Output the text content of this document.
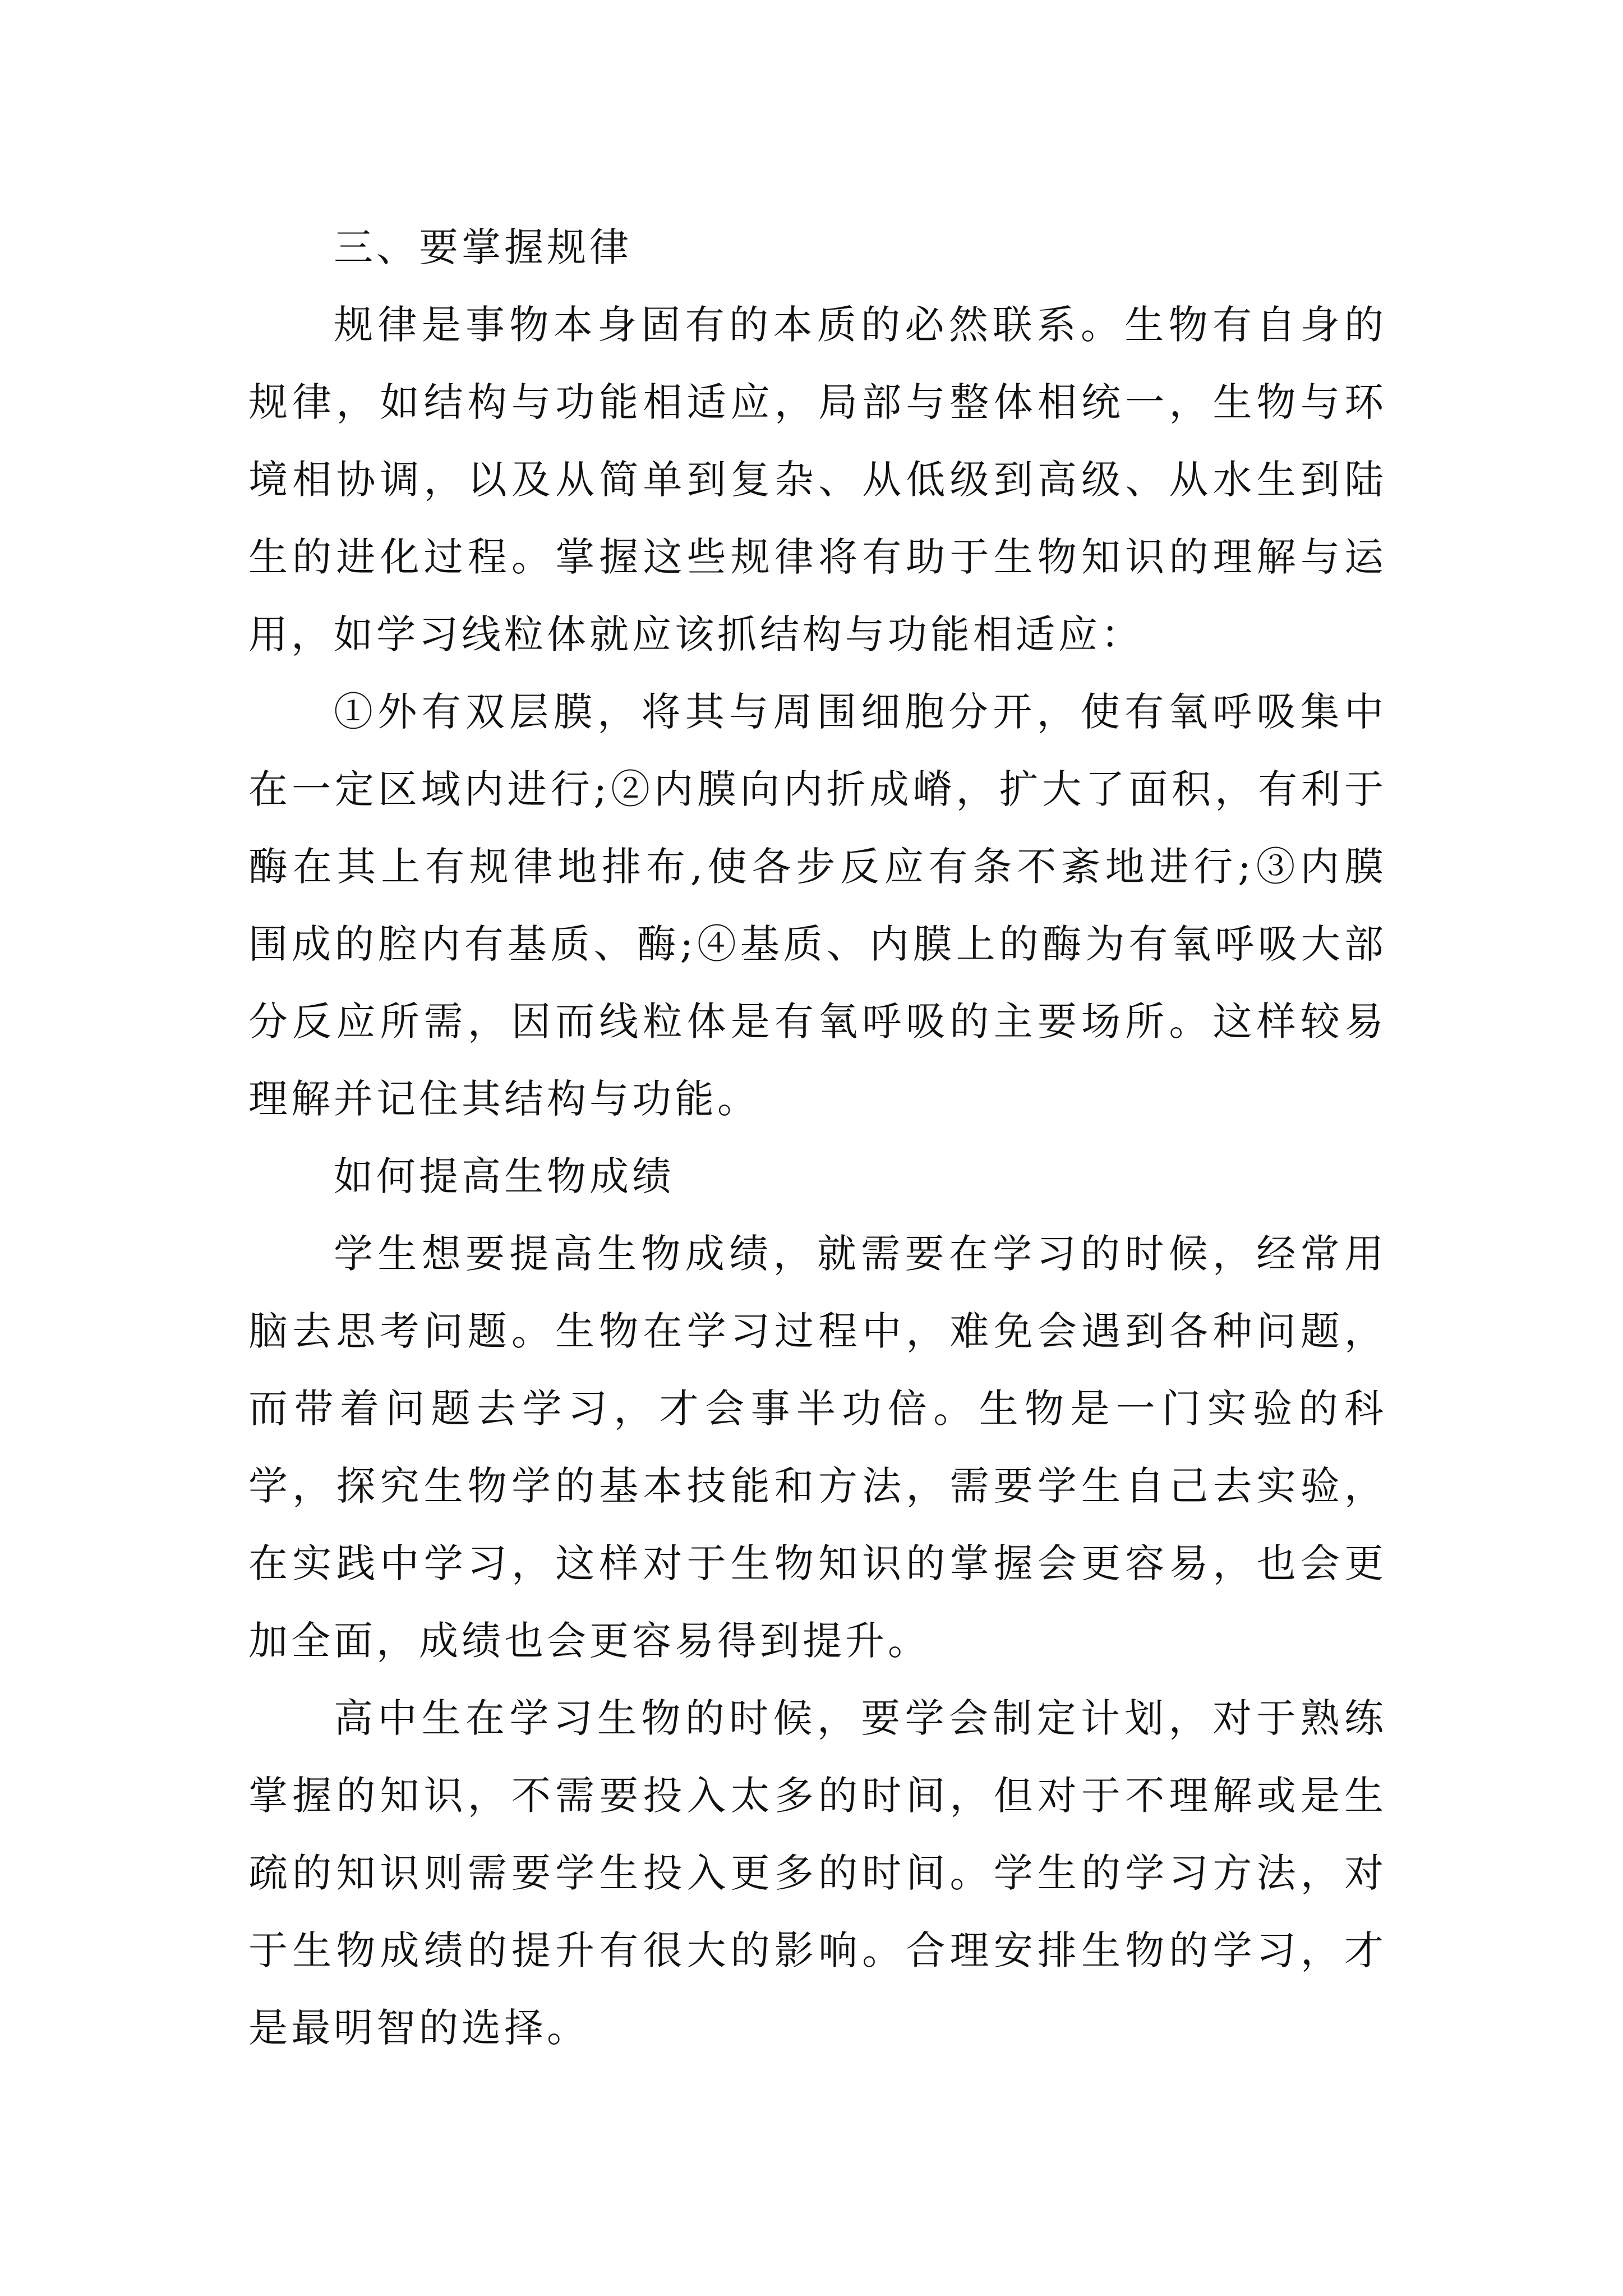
三、要掌握规律

规律是事物本身固有的本质的必然联系。生物有自身的规律，如结构与功能相适应，局部与整体相统一，生物与环境相协调，以及从简单到复杂、从低级到高级、从水生到陆生的进化过程。掌握这些规律将有助于生物知识的理解与运用，如学习线粒体就应该抓结构与功能相适应：

①外有双层膜，将其与周围细胞分开，使有氧呼吸集中在一定区域内进行;②内膜向内折成嵴，扩大了面积，有利于酶在其上有规律地排布,使各步反应有条不紊地进行;③内膜围成的腔内有基质、酶;④基质、内膜上的酶为有氧呼吸大部分反应所需，因而线粒体是有氧呼吸的主要场所。这样较易理解并记住其结构与功能。

如何提高生物成绩

学生想要提高生物成绩，就需要在学习的时候，经常用脑去思考问题。生物在学习过程中，难免会遇到各种问题，而带着问题去学习，才会事半功倍。生物是一门实验的科学，探究生物学的基本技能和方法，需要学生自己去实验，在实践中学习，这样对于生物知识的掌握会更容易，也会更加全面，成绩也会更容易得到提升。

高中生在学习生物的时候，要学会制定计划，对于熟练掌握的知识，不需要投入太多的时间，但对于不理解或是生疏的知识则需要学生投入更多的时间。学生的学习方法，对于生物成绩的提升有很大的影响。合理安排生物的学习，才是最明智的选择。
